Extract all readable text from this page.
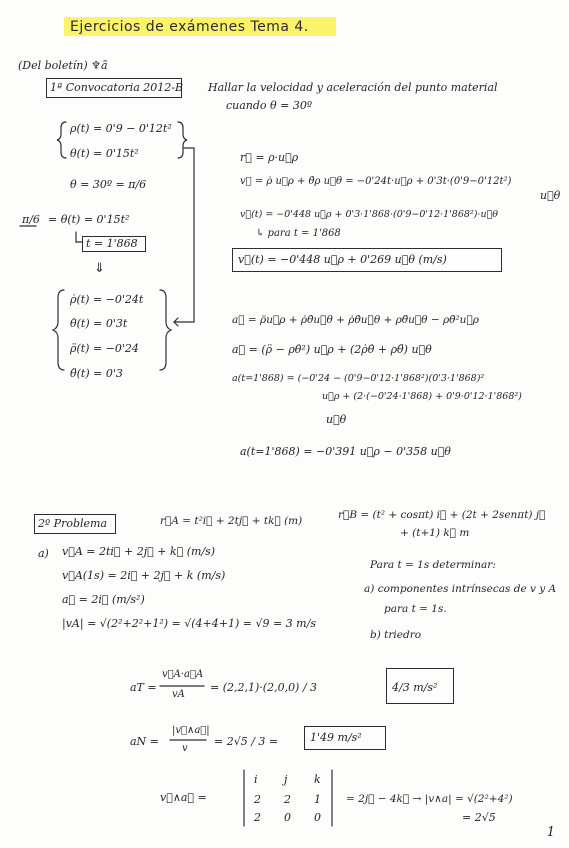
Ejercicios de exámenes Tema 4.
(Del boletín) ♆ã
1ª Convocatoria 2012-B Hallar la velocidad y aceleración del punto material
cuando θ = 30º
ρ(t) = 0'9 − 0'12t²
θ(t) = 0'15t²
θ = 30º = π/6
π/6 = θ(t) = 0'15t²
t = 1'868
⇓
ρ̇(t) = −0'24t
θ̇(t) = 0'3t
ρ̈(t) = −0'24
θ̈(t) = 0'3
r⃗ = ρ·u⃗ρ
v⃗ = ρ̇ u⃗ρ + θ̇ρ u⃗θ = −0'24t·u⃗ρ + 0'3t·(0'9−0'12t²)
u⃗θ
v⃗(t) = −0'448 u⃗ρ + 0'3·1'868·(0'9−0'12·1'868²)·u⃗θ
↳ para t = 1'868
v⃗(t) = −0'448 u⃗ρ + 0'269 u⃗θ (m/s)
a⃗ = ρ̈u⃗ρ + ρ̇θ̇u⃗θ + ρ̇θ̇u⃗θ + ρθ̈u⃗θ − ρθ̇²u⃗ρ
a⃗ = (ρ̈ − ρθ̇²) u⃗ρ + (2ρ̇θ̇ + ρθ̈) u⃗θ
a(t=1'868) = (−0'24 − (0'9−0'12·1'868²)(0'3·1'868)²
u⃗ρ + (2·(−0'24·1'868) + 0'9·0'12·1'868²)
u⃗θ
a(t=1'868) = −0'391 u⃗ρ − 0'358 u⃗θ
2º Problema	r⃗A = t²i⃗ + 2tj⃗ + tk⃗ (m)	r⃗B = (t² + cosπt) i⃗ + (2t + 2senπt) j⃗
+ (t+1) k⃗ m
Para t = 1s determinar:
a) componentes intrínsecas de v y A
para t = 1s.
b) triedro
a) v⃗A = 2ti⃗ + 2j⃗ + k⃗ (m/s)
v⃗A(1s) = 2i⃗ + 2j⃗ + k (m/s)
a⃗ = 2i⃗ (m/s²)
|vA| = √(2²+2²+1²) = √(4+4+1) = √9 = 3 m/s
aT =
v⃗A·a⃗A
vA
= (2,2,1)·(2,0,0) / 3	4/3 m/s²
aN =
|v⃗∧a⃗|
v
= 2√5 / 3 =	1'49 m/s²
v⃗∧a⃗ =
i j k
2 2 1
2 0 0
= 2j⃗ − 4k⃗ → |v∧a| = √(2²+4²)
= 2√5
1
